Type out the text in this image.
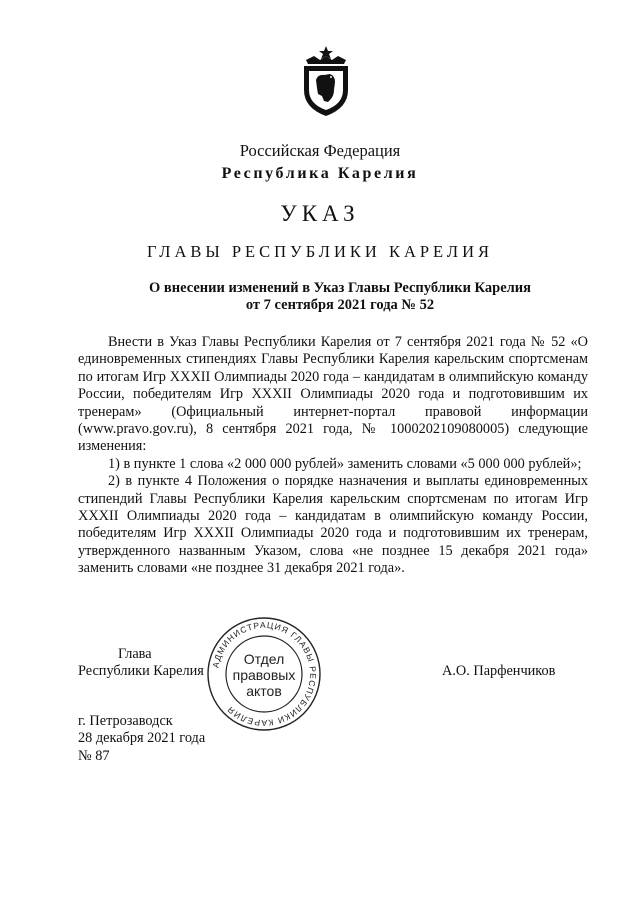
Российская Федерация
Республика Карелия
УКАЗ
ГЛАВЫ РЕСПУБЛИКИ КАРЕЛИЯ
О внесении изменений в Указ Главы Республики Карелия
от 7 сентября 2021 года № 52

Внести в Указ Главы Республики Карелия от 7 сентября 2021 года № 52 «О единовременных стипендиях Главы Республики Карелия карельским спортсменам по итогам Игр XXXII Олимпиады 2020 года – кандидатам в олимпийскую команду России, победителям Игр XXXII Олимпиады 2020 года и подготовившим их тренерам» (Официальный интернет-портал правовой информации (www.pravo.gov.ru), 8 сентября 2021 года, № 1000202109080005) следующие изменения:

1) в пункте 1 слова «2 000 000 рублей» заменить словами «5 000 000 рублей»;

2) в пункте 4 Положения о порядке назначения и выплаты единовременных стипендий Главы Республики Карелия карельским спортсменам по итогам Игр XXXII Олимпиады 2020 года – кандидатам в олимпийскую команду России, победителям Игр XXXII Олимпиады 2020 года и подготовившим их тренерам, утвержденного названным Указом, слова «не позднее 15 декабря 2021 года» заменить словами «не позднее 31 декабря 2021 года».

Глава
Республики Карелия	А.О. Парфенчиков
АДМИНИСТРАЦИЯ ГЛАВЫ РЕСПУБЛИКИ КАРЕЛИЯ
Отдел
правовых
актов
г. Петрозаводск
28 декабря 2021 года
№ 87
